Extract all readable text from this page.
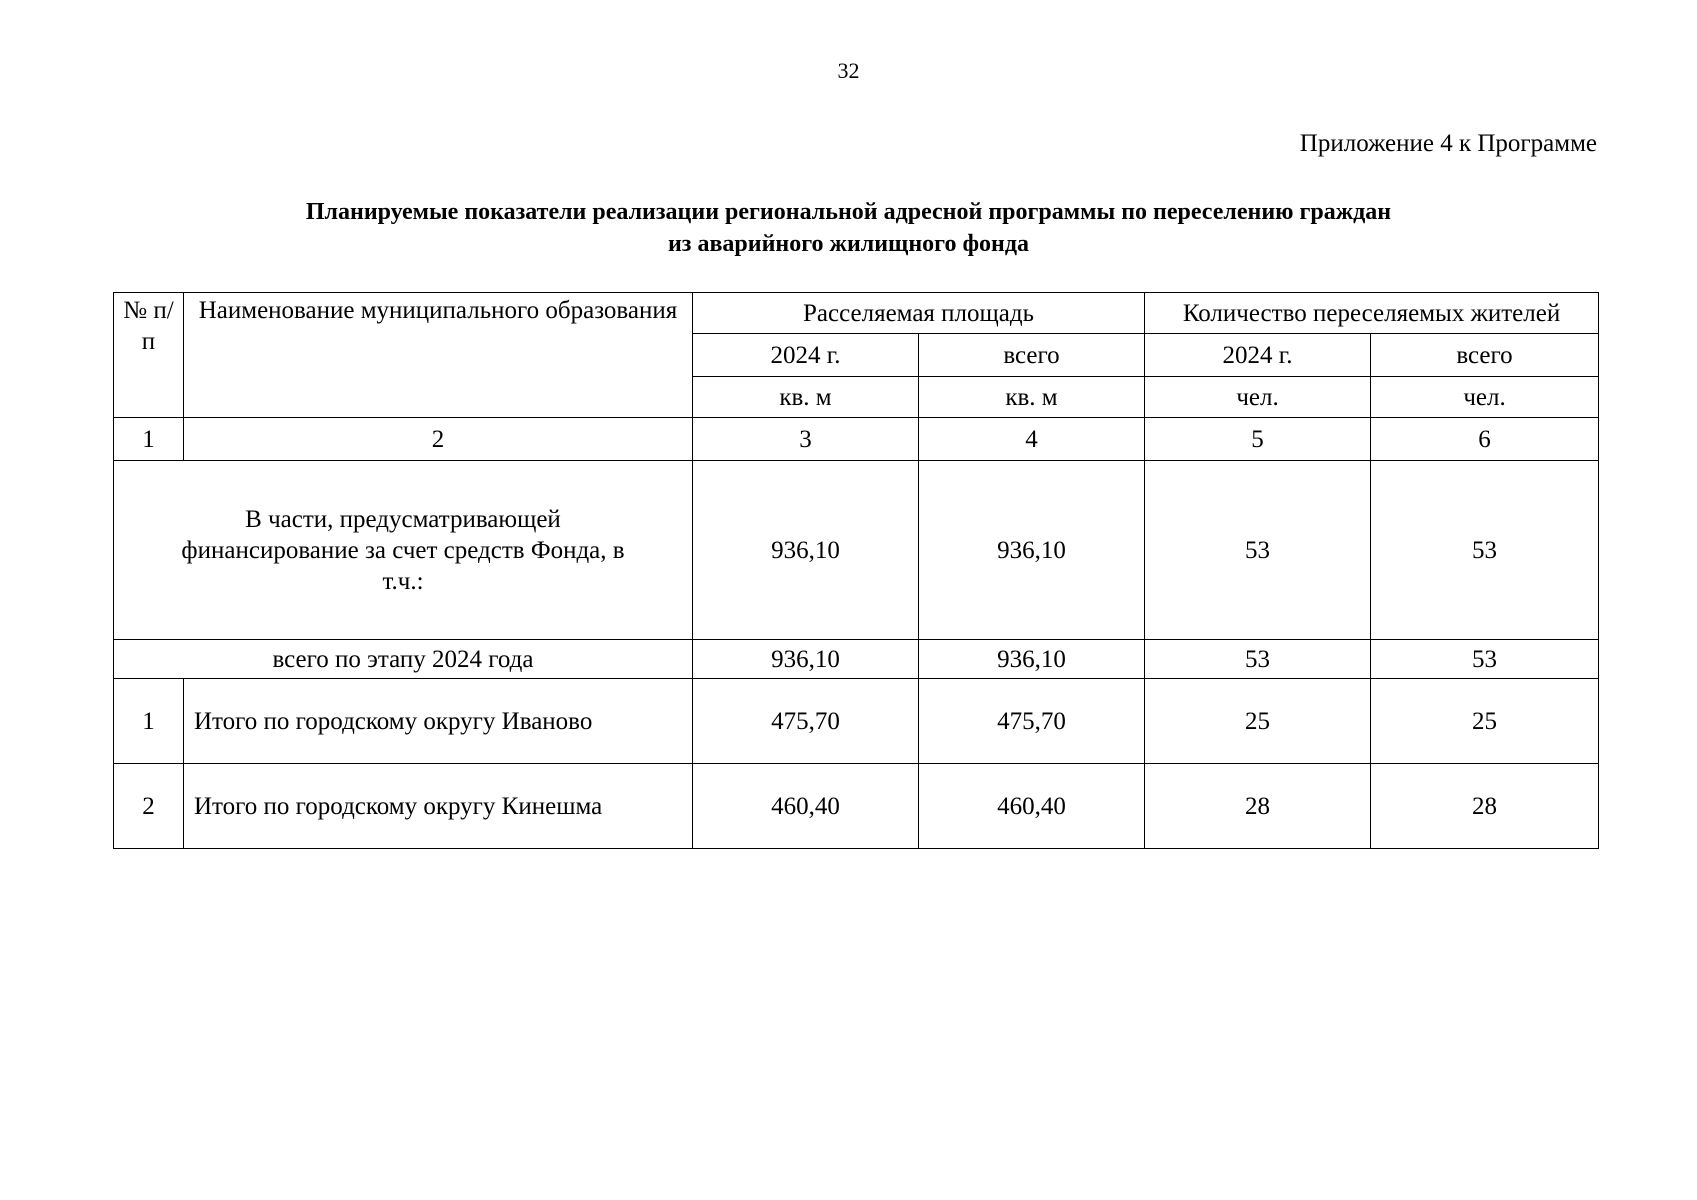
32
Приложение 4 к Программе
Планируемые показатели реализации региональной адресной программы по переселению граждан
из аварийного жилищного фонда
№ п/п	Наименование муниципального образования	Расселяемая площадь		Количество переселяемых жителей	
		2024 г.	всего	2024 г.	всего
		кв. м	кв. м	чел.	чел.
1	2	3	4	5	6
В части, предусматривающей финансирование за счет средств Фонда, в т.ч.:		936,10	936,10	53	53
всего по этапу 2024 года		936,10	936,10	53	53
1	Итого по городскому округу Иваново	475,70	475,70	25	25
2	Итого по городскому округу Кинешма	460,40	460,40	28	28
